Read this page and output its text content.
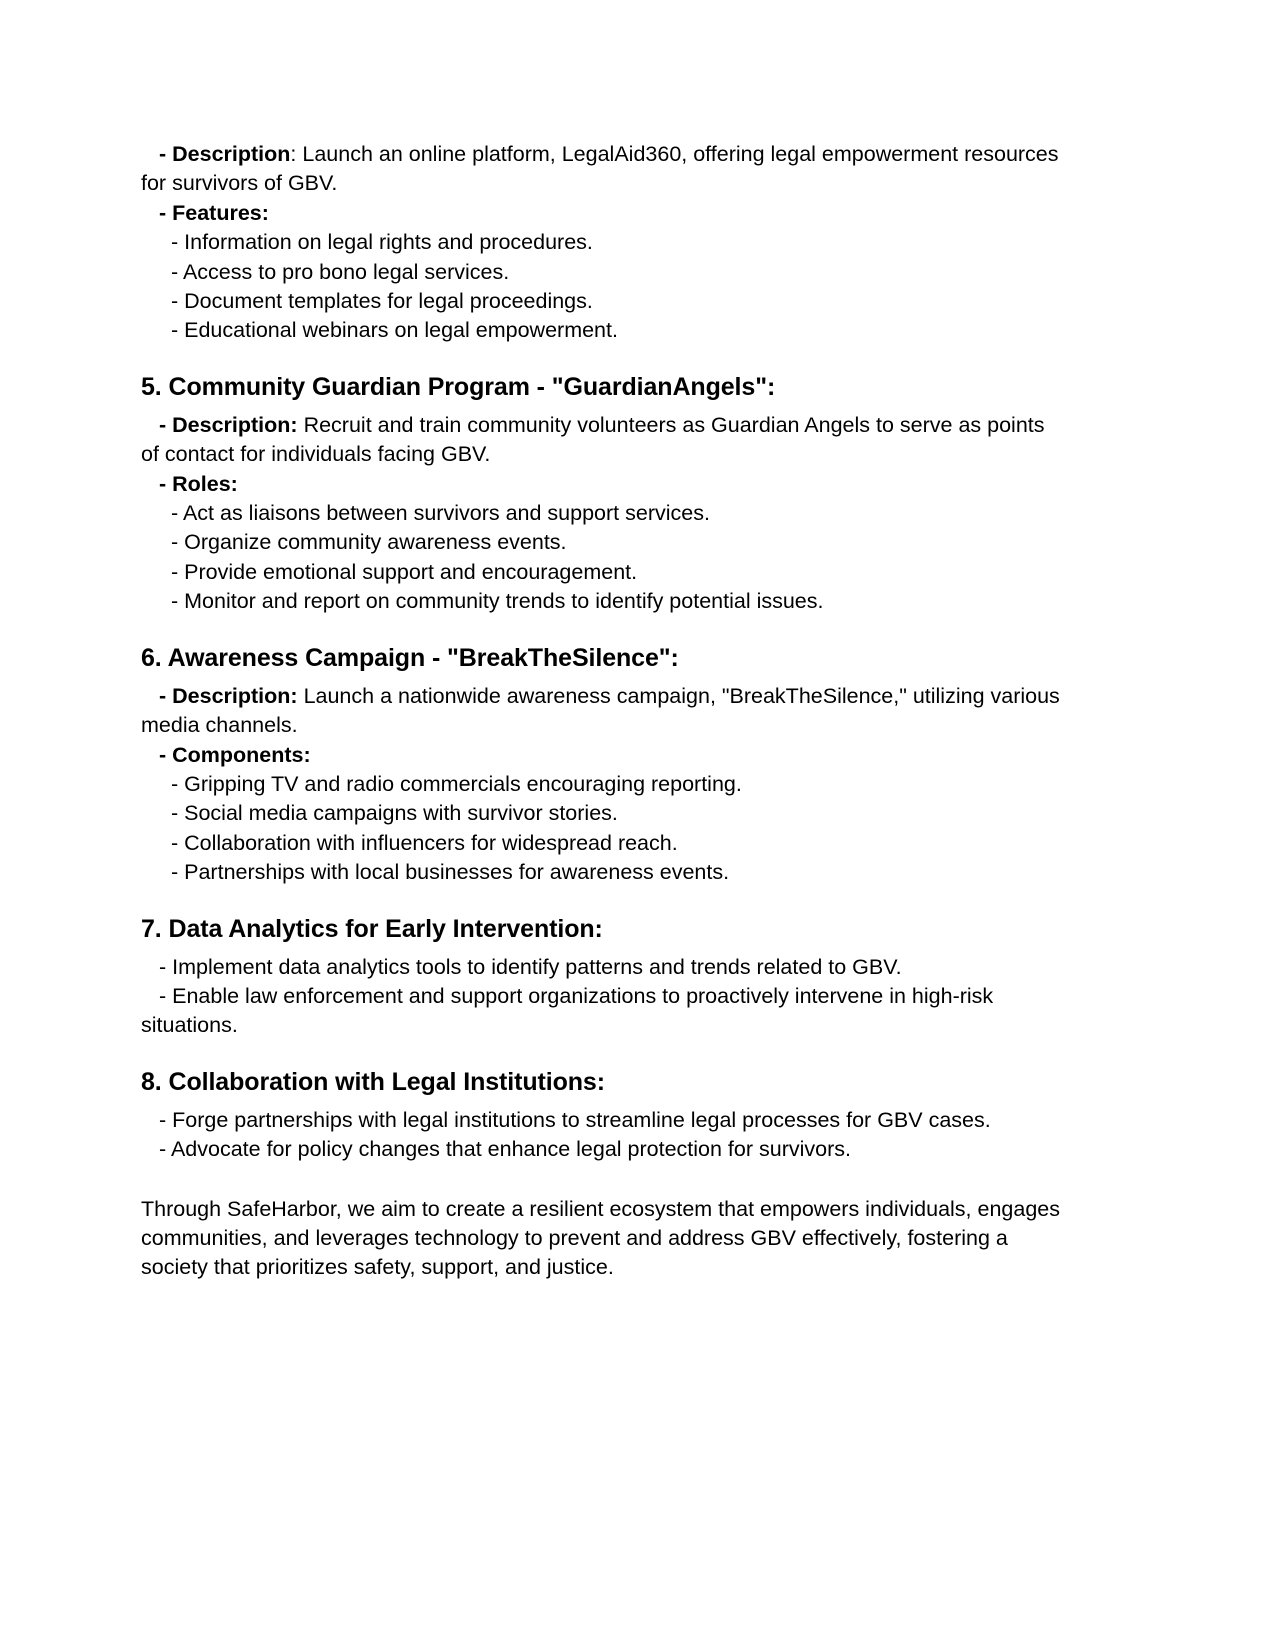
- Description: Launch an online platform, LegalAid360, offering legal empowerment resources for survivors of GBV.

- Features:

- Information on legal rights and procedures.

- Access to pro bono legal services.

- Document templates for legal proceedings.

- Educational webinars on legal empowerment.

5. Community Guardian Program - "GuardianAngels":

- Description: Recruit and train community volunteers as Guardian Angels to serve as points of contact for individuals facing GBV.

- Roles:

- Act as liaisons between survivors and support services.

- Organize community awareness events.

- Provide emotional support and encouragement.

- Monitor and report on community trends to identify potential issues.

6. Awareness Campaign - "BreakTheSilence":

- Description: Launch a nationwide awareness campaign, "BreakTheSilence," utilizing various media channels.

- Components:

- Gripping TV and radio commercials encouraging reporting.

- Social media campaigns with survivor stories.

- Collaboration with influencers for widespread reach.

- Partnerships with local businesses for awareness events.

7. Data Analytics for Early Intervention:

- Implement data analytics tools to identify patterns and trends related to GBV.

- Enable law enforcement and support organizations to proactively intervene in high-risk situations.

8. Collaboration with Legal Institutions:

- Forge partnerships with legal institutions to streamline legal processes for GBV cases.

- Advocate for policy changes that enhance legal protection for survivors.

Through SafeHarbor, we aim to create a resilient ecosystem that empowers individuals, engages communities, and leverages technology to prevent and address GBV effectively, fostering a society that prioritizes safety, support, and justice.
